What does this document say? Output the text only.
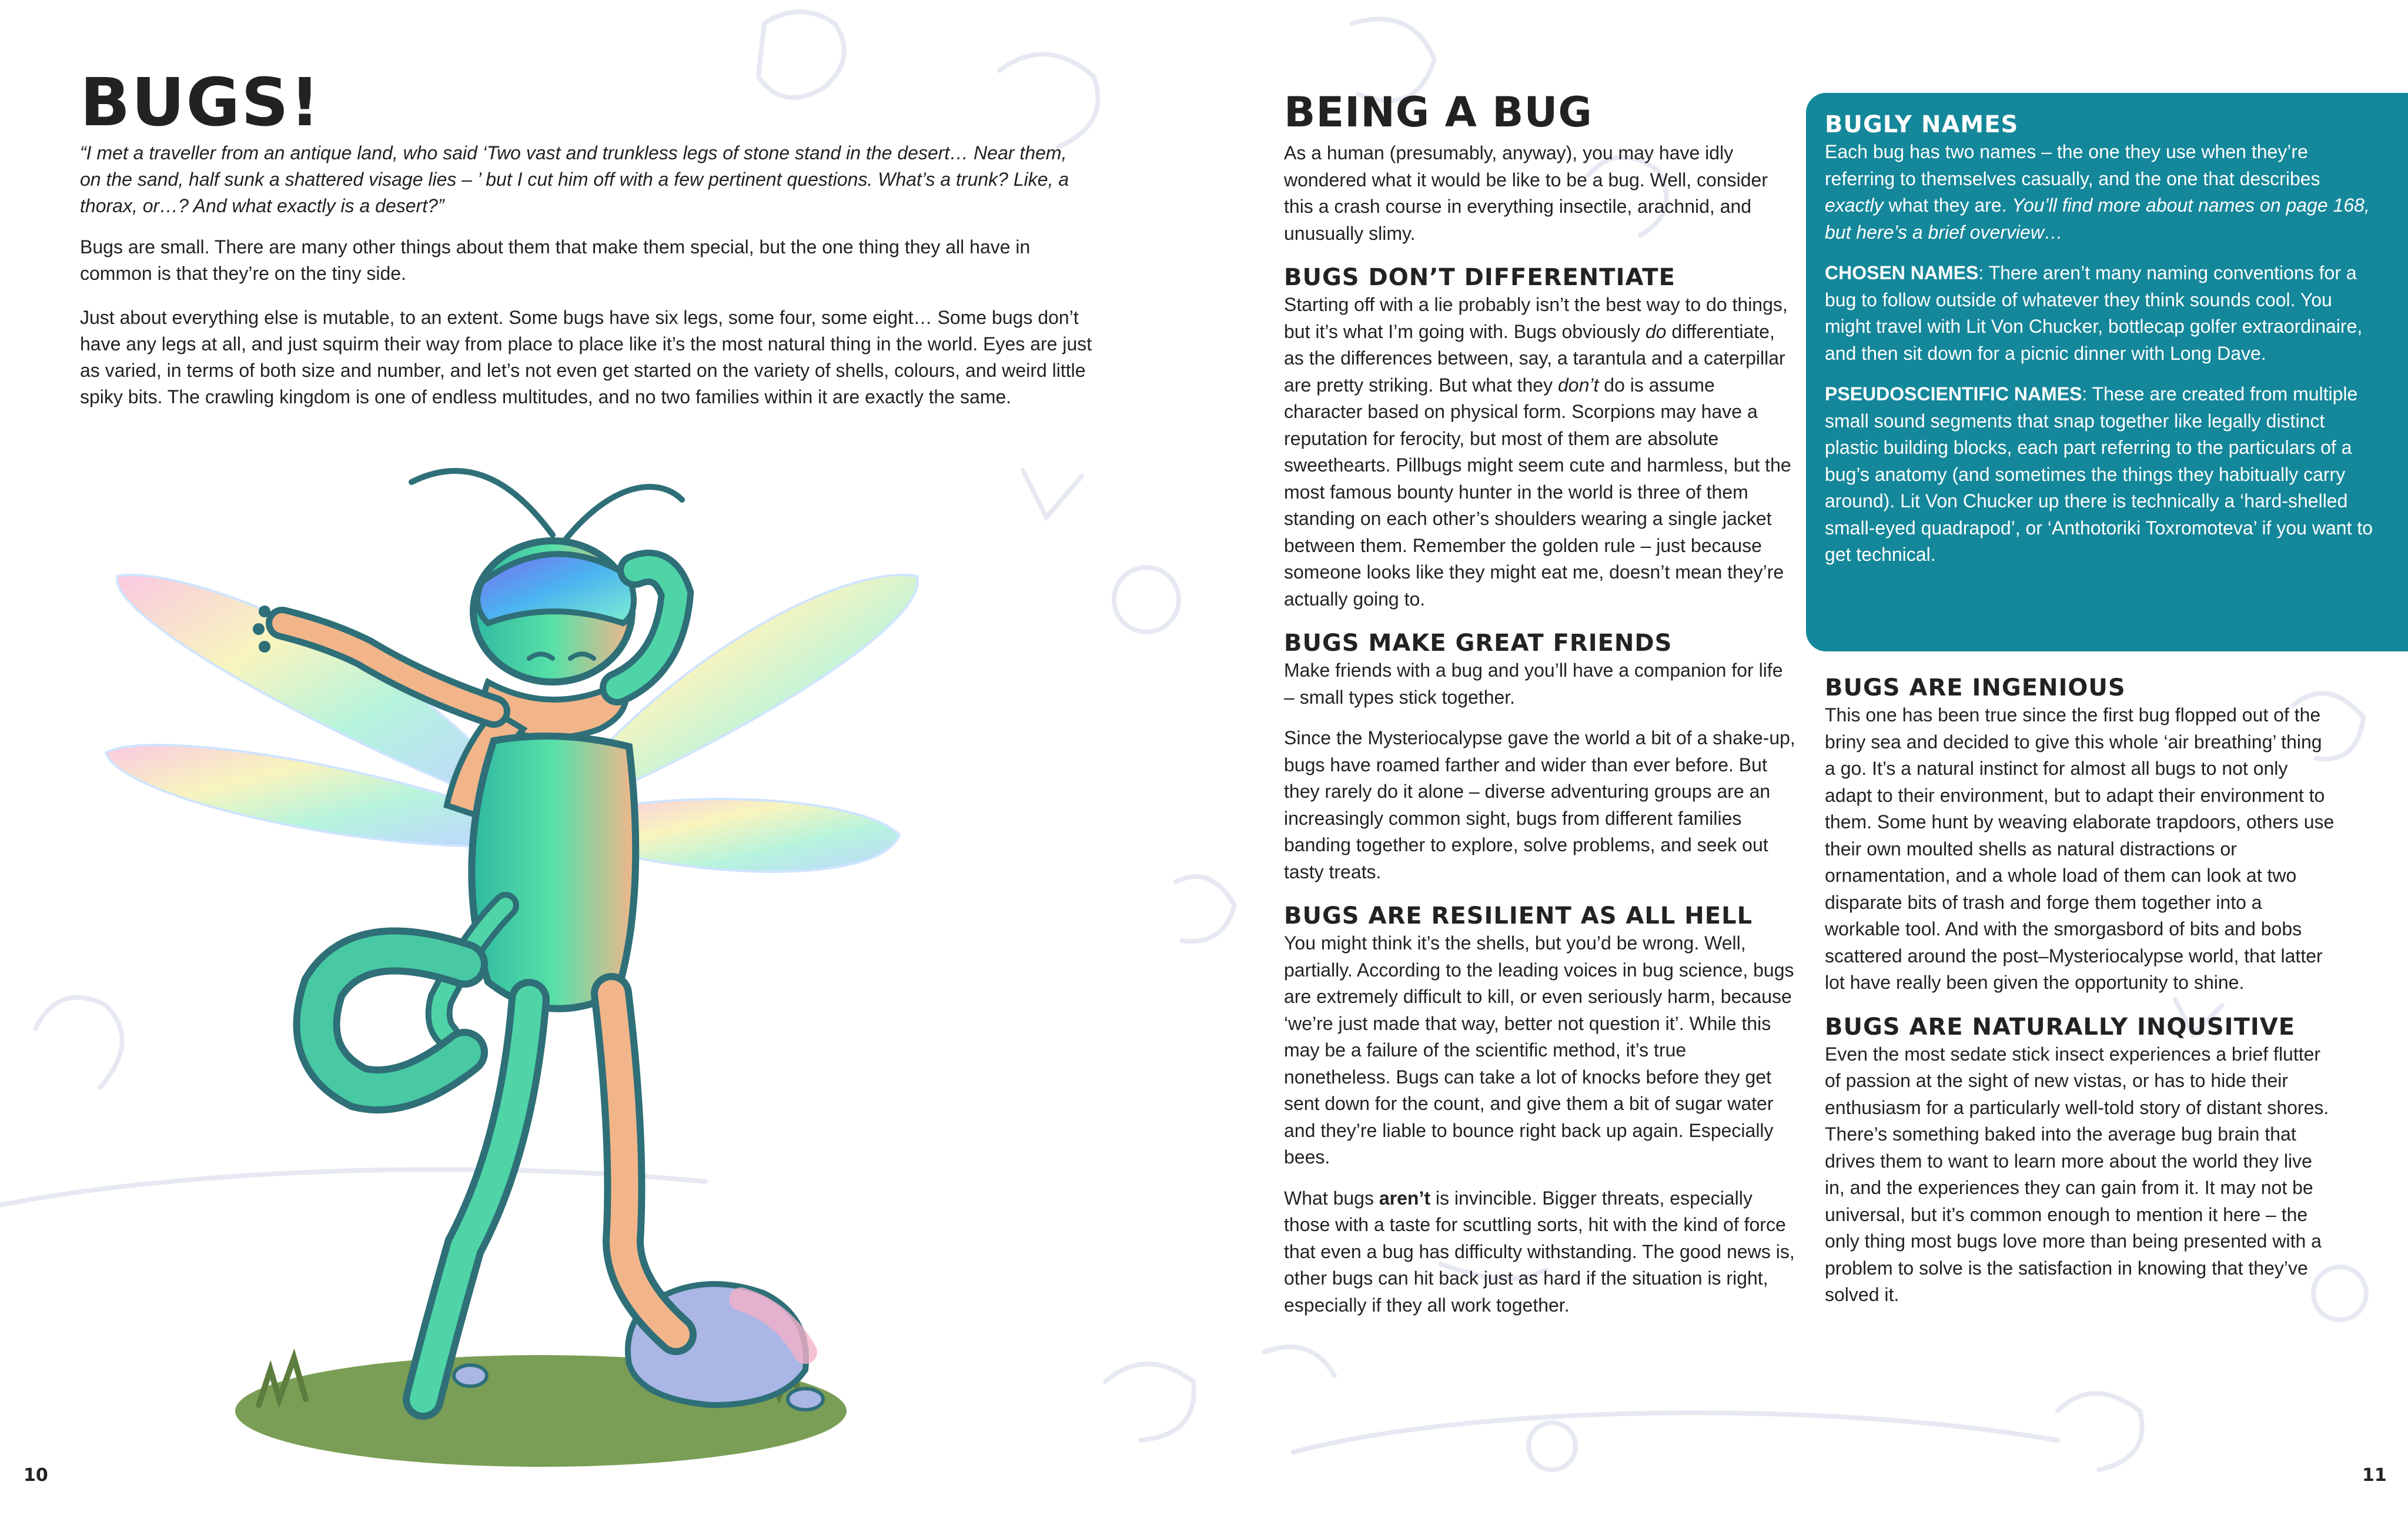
BUGS!

“I met a traveller from an antique land, who said ‘Two vast and trunkless legs of stone stand in the desert… Near them, on the sand, half sunk a shattered visage lies – ’ but I cut him off with a few pertinent questions. What’s a trunk? Like, a thorax, or…? And what exactly is a desert?”

Bugs are small. There are many other things about them that make them special, but the one thing they all have in common is that they’re on the tiny side.

Just about everything else is mutable, to an extent. Some bugs have six legs, some four, some eight… Some bugs don’t have any legs at all, and just squirm their way from place to place like it’s the most natural thing in the world. Eyes are just as varied, in terms of both size and number, and let’s not even get started on the variety of shells, colours, and weird little spiky bits. The crawling kingdom is one of endless multitudes, and no two families within it are exactly the same.

10
BEING A BUG

As a human (presumably, anyway), you may have idly wondered what it would be like to be a bug. Well, consider this a crash course in everything insectile, arachnid, and unusually slimy.

BUGS DON’T DIFFERENTIATE

Starting off with a lie probably isn’t the best way to do things, but it’s what I’m going with. Bugs obviously do differentiate, as the differences between, say, a tarantula and a caterpillar are pretty striking. But what they don’t do is assume character based on physical form. Scorpions may have a reputation for ferocity, but most of them are absolute sweethearts. Pillbugs might seem cute and harmless, but the most famous bounty hunter in the world is three of them standing on each other’s shoulders wearing a single jacket between them. Remember the golden rule – just because someone looks like they might eat me, doesn’t mean they’re actually going to.

BUGS MAKE GREAT FRIENDS

Make friends with a bug and you’ll have a companion for life – small types stick together.

Since the Mysteriocalypse gave the world a bit of a shake-up, bugs have roamed farther and wider than ever before. But they rarely do it alone – diverse adventuring groups are an increasingly common sight, bugs from different families banding together to explore, solve problems, and seek out tasty treats.

BUGS ARE RESILIENT AS ALL HELL

You might think it’s the shells, but you’d be wrong. Well, partially. According to the leading voices in bug science, bugs are extremely difficult to kill, or even seriously harm, because ‘we’re just made that way, better not question it’. While this may be a failure of the scientific method, it’s true nonetheless. Bugs can take a lot of knocks before they get sent down for the count, and give them a bit of sugar water and they’re liable to bounce right back up again. Especially bees.

What bugs aren’t is invincible. Bigger threats, especially those with a taste for scuttling sorts, hit with the kind of force that even a bug has difficulty withstanding. The good news is, other bugs can hit back just as hard if the situation is right, especially if they all work together.

BUGLY NAMES

Each bug has two names – the one they use when they’re referring to themselves casually, and the one that describes exactly what they are. You’ll find more about names on page 168, but here’s a brief overview…

CHOSEN NAMES: There aren’t many naming conventions for a bug to follow outside of whatever they think sounds cool. You might travel with Lit Von Chucker, bottlecap golfer extraordinaire, and then sit down for a picnic dinner with Long Dave.

PSEUDOSCIENTIFIC NAMES: These are created from multiple small sound segments that snap together like legally distinct plastic building blocks, each part referring to the particulars of a bug’s anatomy (and sometimes the things they habitually carry around). Lit Von Chucker up there is technically a ‘hard-shelled small-eyed quadrapod’, or ‘Anthotoriki Toxromoteva’ if you want to get technical.

BUGS ARE INGENIOUS

This one has been true since the first bug flopped out of the briny sea and decided to give this whole ‘air breathing’ thing a go. It’s a natural instinct for almost all bugs to not only adapt to their environment, but to adapt their environment to them. Some hunt by weaving elaborate trapdoors, others use their own moulted shells as natural distractions or ornamentation, and a whole load of them can look at two disparate bits of trash and forge them together into a workable tool. And with the smorgasbord of bits and bobs scattered around the post–Mysteriocalypse world, that latter lot have really been given the opportunity to shine.

BUGS ARE NATURALLY INQUSITIVE

Even the most sedate stick insect experiences a brief flutter of passion at the sight of new vistas, or has to hide their enthusiasm for a particularly well-told story of distant shores. There’s something baked into the average bug brain that drives them to want to learn more about the world they live in, and the experiences they can gain from it. It may not be universal, but it’s common enough to mention it here – the only thing most bugs love more than being presented with a problem to solve is the satisfaction in knowing that they’ve solved it.

11
